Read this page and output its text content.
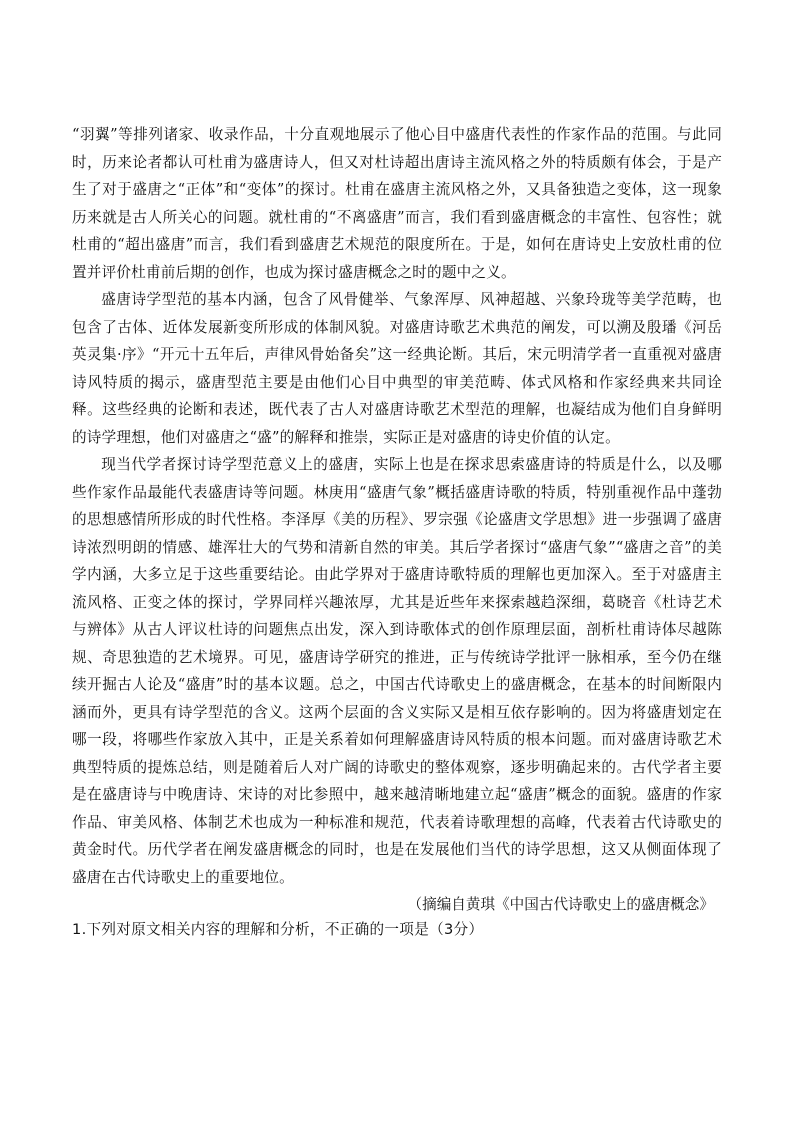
“羽翼”等排列诸家、收录作品，十分直观地展示了他心目中盛唐代表性的作家作品的范围。与此同时，历来论者都认可杜甫为盛唐诗人，但又对杜诗超出唐诗主流风格之外的特质颇有体会，于是产生了对于盛唐之“正体”和“变体”的探讨。杜甫在盛唐主流风格之外，又具备独造之变体，这一现象历来就是古人所关心的问题。就杜甫的“不离盛唐”而言，我们看到盛唐概念的丰富性、包容性；就杜甫的“超出盛唐”而言，我们看到盛唐艺术规范的限度所在。于是，如何在唐诗史上安放杜甫的位置并评价杜甫前后期的创作，也成为探讨盛唐概念之时的题中之义。

盛唐诗学型范的基本内涵，包含了风骨健举、气象浑厚、风神超越、兴象玲珑等美学范畴，也包含了古体、近体发展新变所形成的体制风貌。对盛唐诗歌艺术典范的阐发，可以溯及殷璠《河岳英灵集·序》“开元十五年后，声律风骨始备矣”这一经典论断。其后，宋元明清学者一直重视对盛唐诗风特质的揭示，盛唐型范主要是由他们心目中典型的审美范畴、体式风格和作家经典来共同诠释。这些经典的论断和表述，既代表了古人对盛唐诗歌艺术型范的理解，也凝结成为他们自身鲜明的诗学理想，他们对盛唐之“盛”的解释和推崇，实际正是对盛唐的诗史价值的认定。

现当代学者探讨诗学型范意义上的盛唐，实际上也是在探求思索盛唐诗的特质是什么，以及哪些作家作品最能代表盛唐诗等问题。林庚用“盛唐气象”概括盛唐诗歌的特质，特别重视作品中蓬勃的思想感情所形成的时代性格。李泽厚《美的历程》、罗宗强《论盛唐文学思想》进一步强调了盛唐诗浓烈明朗的情感、雄浑壮大的气势和清新自然的审美。其后学者探讨“盛唐气象”“盛唐之音”的美学内涵，大多立足于这些重要结论。由此学界对于盛唐诗歌特质的理解也更加深入。至于对盛唐主流风格、正变之体的探讨，学界同样兴趣浓厚，尤其是近些年来探索越趋深细，葛晓音《杜诗艺术与辨体》从古人评议杜诗的问题焦点出发，深入到诗歌体式的创作原理层面，剖析杜甫诗体尽越陈规、奇思独造的艺术境界。可见，盛唐诗学研究的推进，正与传统诗学批评一脉相承，至今仍在继续开掘古人论及“盛唐”时的基本议题。总之，中国古代诗歌史上的盛唐概念，在基本的时间断限内涵而外，更具有诗学型范的含义。这两个层面的含义实际又是相互依存影响的。因为将盛唐划定在哪一段，将哪些作家放入其中，正是关系着如何理解盛唐诗风特质的根本问题。而对盛唐诗歌艺术典型特质的提炼总结，则是随着后人对广阔的诗歌史的整体观察，逐步明确起来的。古代学者主要是在盛唐诗与中晚唐诗、宋诗的对比参照中，越来越清晰地建立起“盛唐”概念的面貌。盛唐的作家作品、审美风格、体制艺术也成为一种标准和规范，代表着诗歌理想的高峰，代表着古代诗歌史的黄金时代。历代学者在阐发盛唐概念的同时，也是在发展他们当代的诗学思想，这又从侧面体现了盛唐在古代诗歌史上的重要地位。

（摘编自黄琪《中国古代诗歌史上的盛唐概念》

1.下列对原文相关内容的理解和分析，不正确的一项是（3分）
